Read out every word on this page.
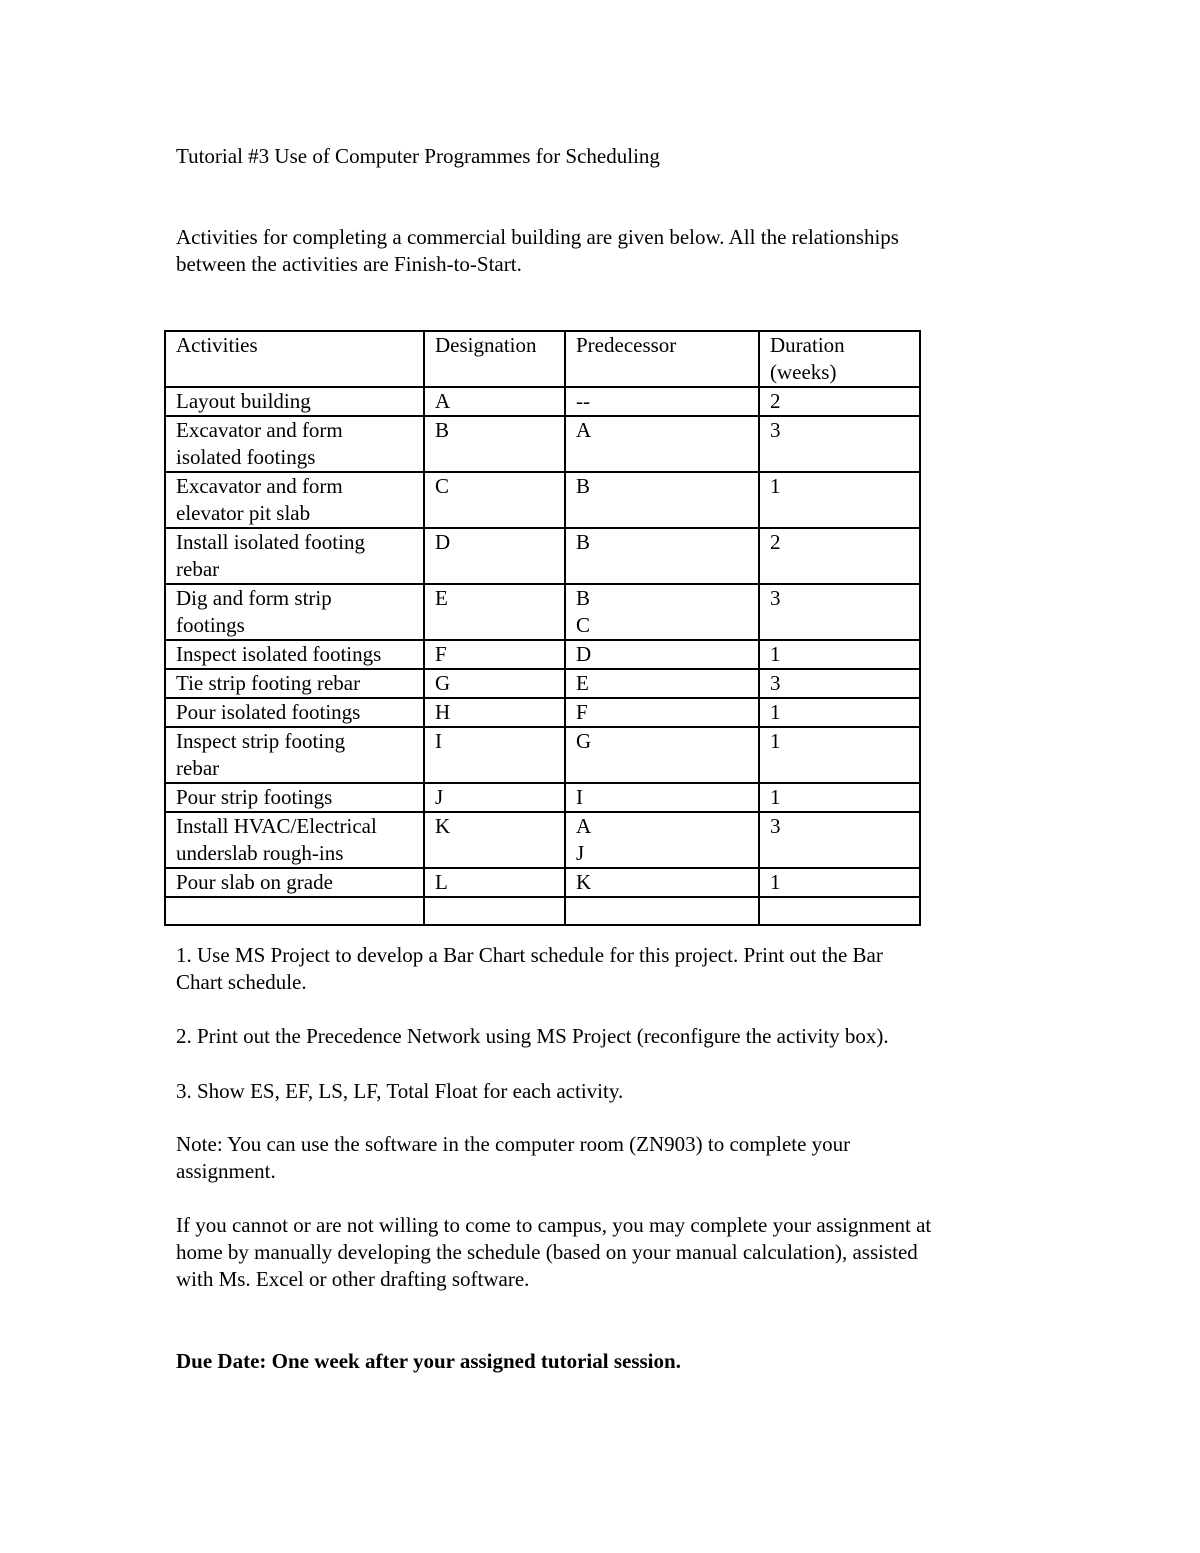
Tutorial #3 Use of Computer Programmes for Scheduling
Activities for completing a commercial building are given below. All the relationships
between the activities are Finish-to-Start.
Activities	Designation	Predecessor	Duration
(weeks)

Layout building	A	--	2

Excavator and form
isolated footings	B	A	3

Excavator and form
elevator pit slab	C	B	1

Install isolated footing
rebar	D	B	2

Dig and form strip
footings	E	B
C	3

Inspect isolated footings	F	D	1

Tie strip footing rebar	G	E	3

Pour isolated footings	H	F	1

Inspect strip footing
rebar	I	G	1

Pour strip footings	J	I	1

Install HVAC/Electrical
underslab rough-ins	K	A
J	3

Pour slab on grade	L	K	1

1. Use MS Project to develop a Bar Chart schedule for this project. Print out the Bar
Chart schedule.
2. Print out the Precedence Network using MS Project (reconfigure the activity box).
3. Show ES, EF, LS, LF, Total Float for each activity.
Note: You can use the software in the computer room (ZN903) to complete your
assignment.
If you cannot or are not willing to come to campus, you may complete your assignment at
home by manually developing the schedule (based on your manual calculation), assisted
with Ms. Excel or other drafting software.
Due Date: One week after your assigned tutorial session.
